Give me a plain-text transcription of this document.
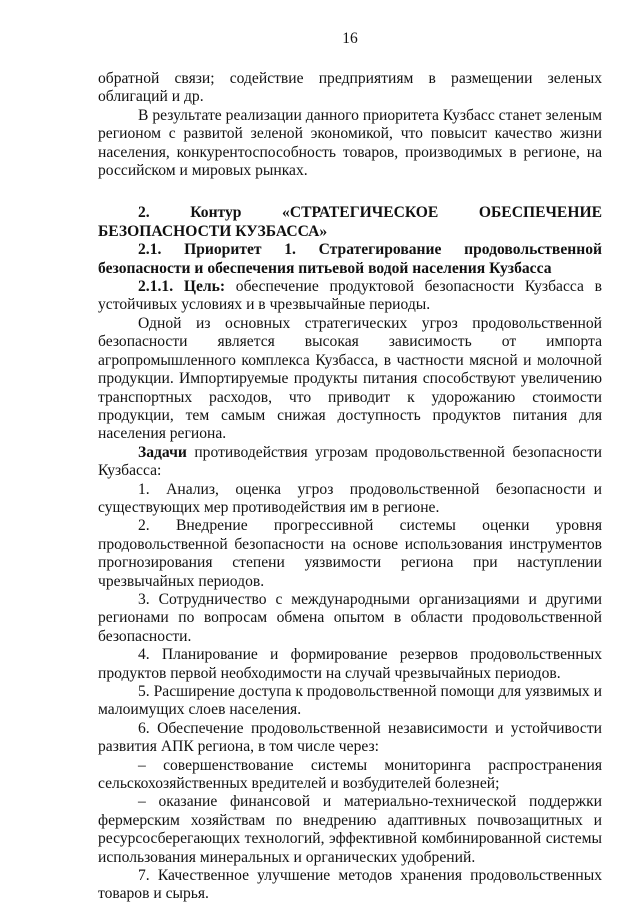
16

обратной связи; содействие предприятиям в размещении зеленых облигаций и др.

В результате реализации данного приоритета Кузбасс станет зеленым регионом с развитой зеленой экономикой, что повысит качество жизни населения, конкурентоспособность товаров, производимых в регионе, на российском и мировых рынках.

2.      Контур      «СТРАТЕГИЧЕСКОЕ      ОБЕСПЕЧЕНИЕ БЕЗОПАСНОСТИ КУЗБАССА»

2.1.     Приоритет     1.     Стратегирование     продовольственной безопасности и обеспечения питьевой водой населения Кузбасса

2.1.1. Цель: обеспечение продуктовой безопасности Кузбасса в устойчивых условиях и в чрезвычайные периоды.

Одной из основных стратегических угроз продовольственной безопасности является высокая зависимость от импорта агропромышленного комплекса Кузбасса, в частности мясной и молочной продукции. Импортируемые продукты питания способствуют увеличению транспортных расходов, что приводит к удорожанию стоимости продукции, тем самым снижая доступность продуктов питания для населения региона.

Задачи противодействия угрозам продовольственной безопасности Кузбасса:

1.  Анализ,  оценка  угроз  продовольственной  безопасности и существующих мер противодействия им в регионе.

2.  Внедрение  прогрессивной  системы  оценки  уровня продовольственной безопасности на основе использования инструментов прогнозирования степени уязвимости региона при наступлении чрезвычайных периодов.

3. Сотрудничество с международными организациями и другими регионами по вопросам обмена опытом в области продовольственной безопасности.

4. Планирование и формирование резервов продовольственных продуктов первой необходимости на случай чрезвычайных периодов.

5. Расширение доступа к продовольственной помощи для уязвимых и малоимущих слоев населения.

6. Обеспечение продовольственной независимости и устойчивости развития АПК региона, в том числе через:

–  совершенствование  системы  мониторинга  распространения сельскохозяйственных вредителей и возбудителей болезней;

– оказание финансовой и материально-технической поддержки фермерским хозяйствам по внедрению адаптивных почвозащитных и ресурсосберегающих технологий, эффективной комбинированной системы использования минеральных и органических удобрений.

7. Качественное улучшение методов хранения продовольственных товаров и сырья.
